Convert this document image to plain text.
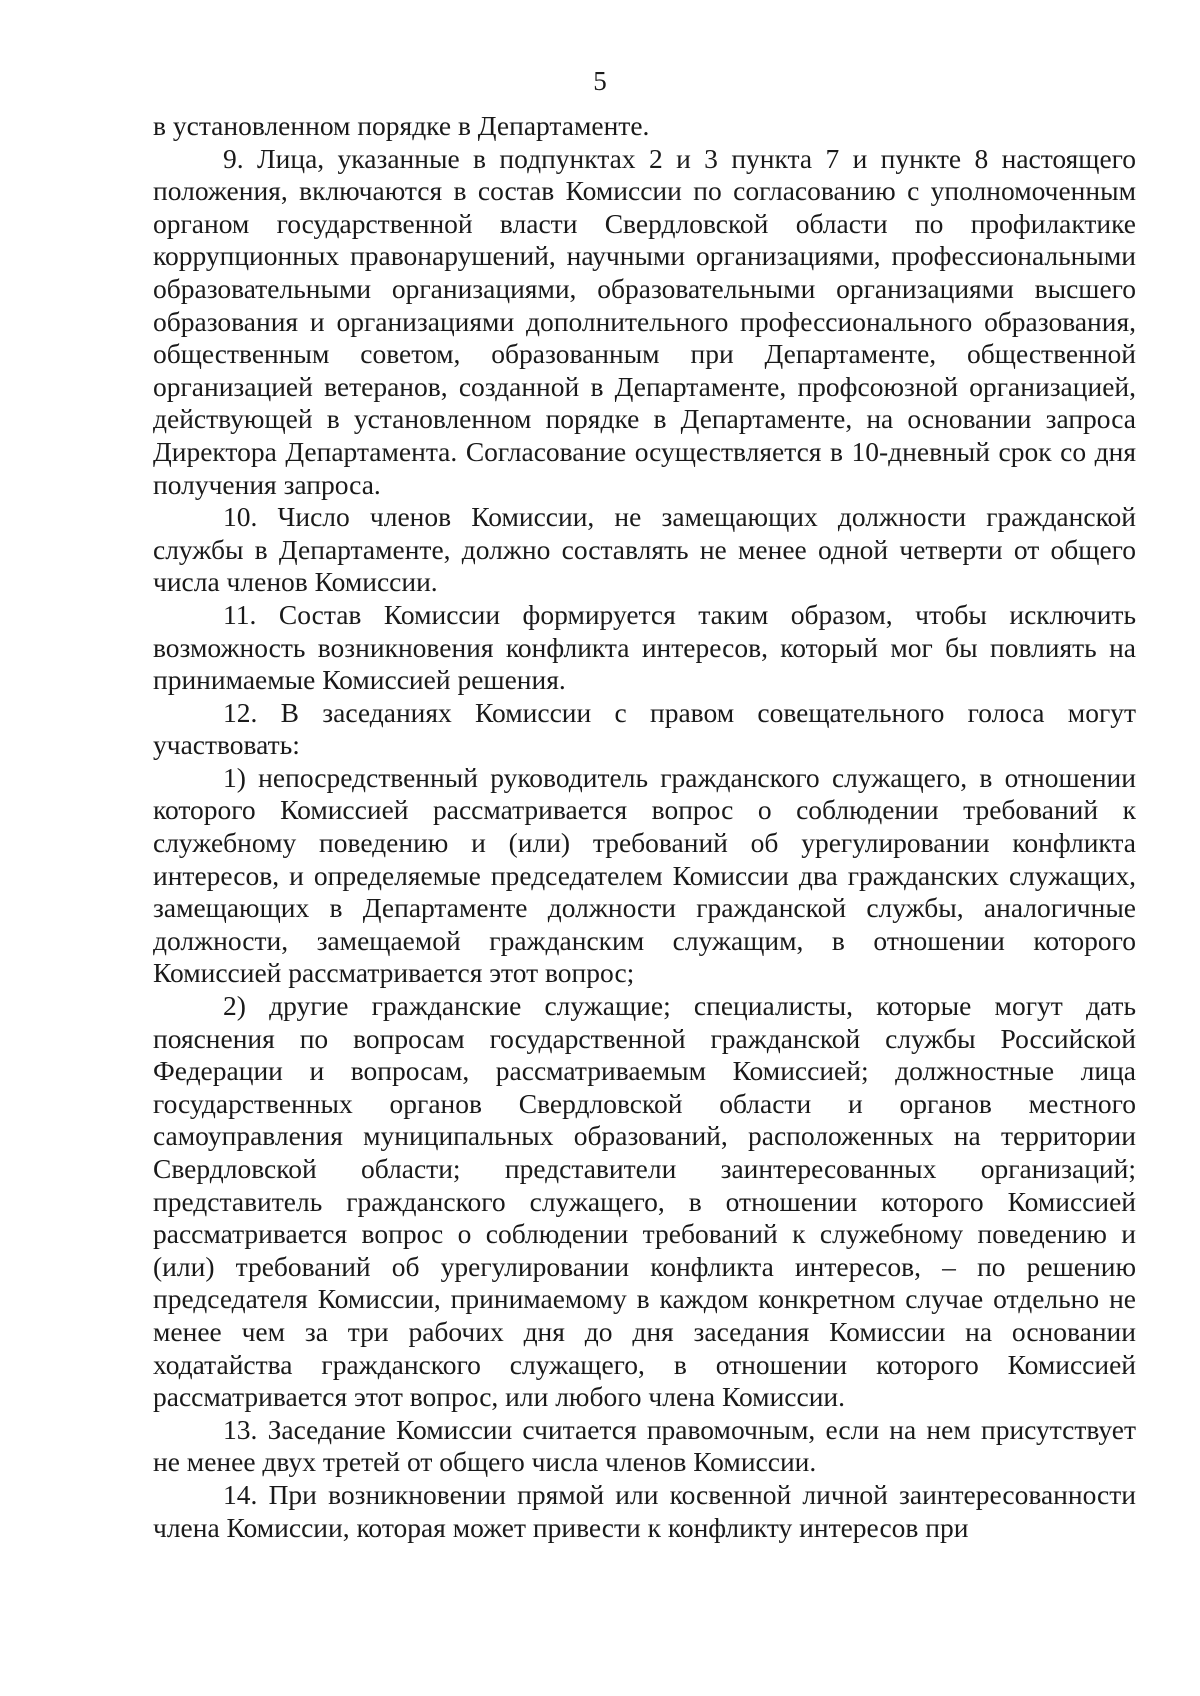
5

в установленном порядке в Департаменте.

9. Лица, указанные в подпунктах 2 и 3 пункта 7 и пункте 8 настоящего положения, включаются в состав Комиссии по согласованию с уполномоченным органом государственной власти Свердловской области по профилактике коррупционных правонарушений, научными организациями, профессиональными образовательными организациями, образовательными организациями высшего образования и организациями дополнительного профессионального образования, общественным советом, образованным при Департаменте, общественной организацией ветеранов, созданной в Департаменте, профсоюзной организацией, действующей в установленном порядке в Департаменте, на основании запроса Директора Департамента. Согласование осуществляется в 10-дневный срок со дня получения запроса.

10. Число членов Комиссии, не замещающих должности гражданской службы в Департаменте, должно составлять не менее одной четверти от общего числа членов Комиссии.

11. Состав Комиссии формируется таким образом, чтобы исключить возможность возникновения конфликта интересов, который мог бы повлиять на принимаемые Комиссией решения.

12. В заседаниях Комиссии с правом совещательного голоса могут участвовать:

1) непосредственный руководитель гражданского служащего, в отношении которого Комиссией рассматривается вопрос о соблюдении требований к служебному поведению и (или) требований об урегулировании конфликта интересов, и определяемые председателем Комиссии два гражданских служащих, замещающих в Департаменте должности гражданской службы, аналогичные должности, замещаемой гражданским служащим, в отношении которого Комиссией рассматривается этот вопрос;

2) другие гражданские служащие; специалисты, которые могут дать пояснения по вопросам государственной гражданской службы Российской Федерации и вопросам, рассматриваемым Комиссией; должностные лица государственных органов Свердловской области и органов местного самоуправления муниципальных образований, расположенных на территории Свердловской области; представители заинтересованных организаций; представитель гражданского служащего, в отношении которого Комиссией рассматривается вопрос о соблюдении требований к служебному поведению и (или) требований об урегулировании конфликта интересов, – по решению председателя Комиссии, принимаемому в каждом конкретном случае отдельно не менее чем за три рабочих дня до дня заседания Комиссии на основании ходатайства гражданского служащего, в отношении которого Комиссией рассматривается этот вопрос, или любого члена Комиссии.

13. Заседание Комиссии считается правомочным, если на нем присутствует не менее двух третей от общего числа членов Комиссии.

14. При возникновении прямой или косвенной личной заинтересованности члена Комиссии, которая может привести к конфликту интересов при
